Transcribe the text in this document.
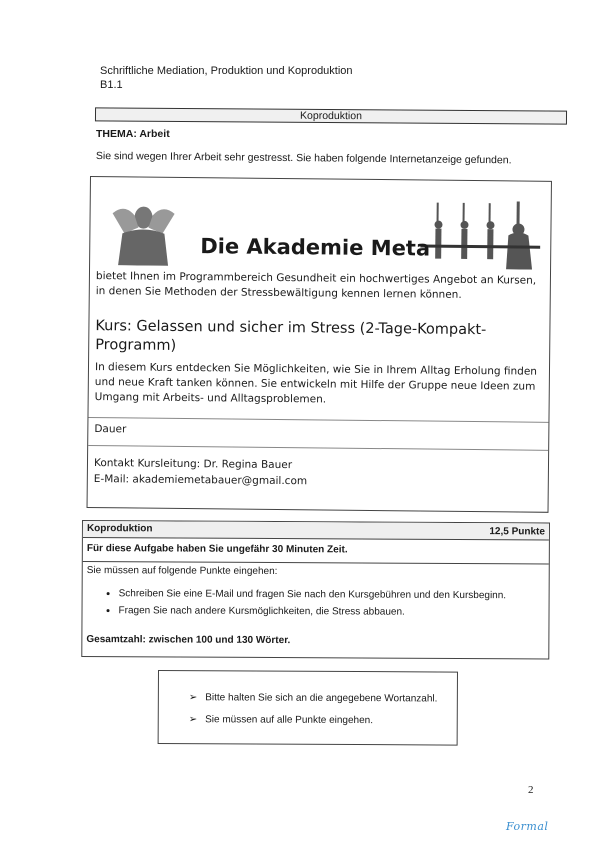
Schriftliche Mediation, Produktion und Koproduktion
B1.1
Koproduktion
THEMA: Arbeit
Sie sind wegen Ihrer Arbeit sehr gestresst. Sie haben folgende Internetanzeige gefunden.
Die Akademie Meta
bietet Ihnen im Programmbereich Gesundheit ein hochwertiges Angebot an Kursen, in denen Sie Methoden der Stressbewältigung kennen lernen können.
Kurs: Gelassen und sicher im Stress (2-Tage-Kompakt-Programm)
In diesem Kurs entdecken Sie Möglichkeiten, wie Sie in Ihrem Alltag Erholung finden und neue Kraft tanken können. Sie entwickeln mit Hilfe der Gruppe neue Ideen zum Umgang mit Arbeits- und Alltagsproblemen.
Dauer
Kontakt Kursleitung: Dr. Regina Bauer
E-Mail: akademiemetabauer@gmail.com
Koproduktion	12,5 Punkte
Für diese Aufgabe haben Sie ungefähr 30 Minuten Zeit.
Sie müssen auf folgende Punkte eingehen:
• Schreiben Sie eine E-Mail und fragen Sie nach den Kursgebühren und den Kursbeginn.
• Fragen Sie nach andere Kursmöglichkeiten, die Stress abbauen.
Gesamtzahl: zwischen 100 und 130 Wörter.
➢ Bitte halten Sie sich an die angegebene Wortanzahl.
➢ Sie müssen auf alle Punkte eingehen.
2
Formal
